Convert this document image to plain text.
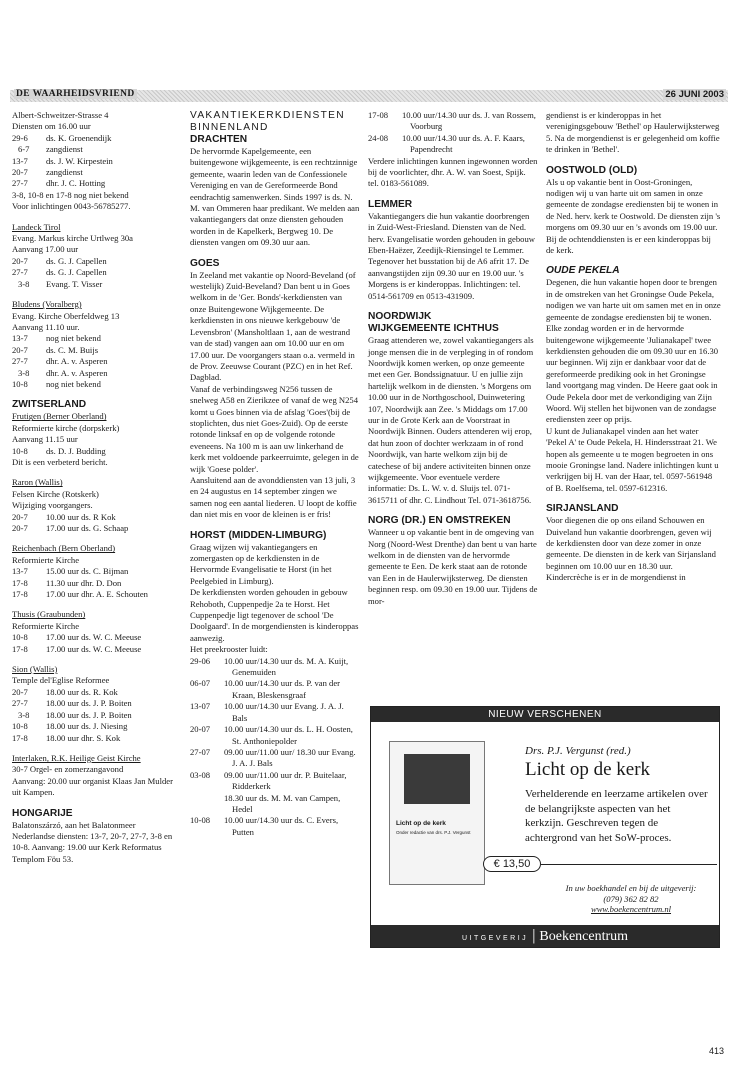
DE WAARHEIDSVRIEND	26 JUNI 2003
Albert-Schweitzer-Strasse 4
Diensten om 16.00 uur
29-6	ds. K. Groenendijk
6-7	zangdienst
13-7	ds. J. W. Kirpestein
20-7	zangdienst
27-7	dhr. J. C. Hotting
3-8, 10-8 en 17-8 nog niet bekend
Voor inlichtingen 0043-56785277.
Landeck Tirol
Evang. Markus kirche Urtlweg 30a
Aanvang 17.00 uur
20-7	ds. G. J. Capellen
27-7	ds. G. J. Capellen
3-8	Evang. T. Visser
Bludens (Voralberg)
Evang. Kirche Oberfeldweg 13
Aanvang 11.10 uur.
13-7	nog niet bekend
20-7	ds. C. M. Buijs
27-7	dhr. A. v. Asperen
3-8	dhr. A. v. Asperen
10-8	nog niet bekend
ZWITSERLAND
Frutigen (Berner Oberland)
Reformierte kirche (dorpskerk)
Aanvang 11.15 uur
10-8	ds. D. J. Budding
Dit is een verbeterd bericht.
Raron (Wallis)
Felsen Kirche (Rotskerk)
Wijziging voorgangers.
20-7	10.00 uur ds. R Kok
20-7	17.00 uur ds. G. Schaap
Reichenbach (Bern Oberland)
Reformierte Kirche
13-7	15.00 uur ds. C. Bijman
17-8	11.30 uur dhr. D. Don
17-8	17.00 uur dhr. A. E. Schouten
Thusis (Graubunden)
Reformierte Kirche
10-8	17.00 uur ds. W. C. Meeuse
17-8	17.00 uur ds. W. C. Meeuse
Sion (Wallis)
Temple del'Eglise Reformee
20-7	18.00 uur ds. R. Kok
27-7	18.00 uur ds. J. P. Boiten
3-8	18.00 uur ds. J. P. Boiten
10-8	18.00 uur ds. J. Niesing
17-8	18.00 uur dhr. S. Kok
Interlaken, R.K. Heilige Geist Kirche
30-7 Orgel- en zomerzangavond
Aanvang: 20.00 uur organist Klaas Jan Mulder uit Kampen.
HONGARIJE
Balatonszárzó, aan het Balatonmeer Nederlandse diensten: 13-7, 20-7, 27-7, 3-8 en 10-8. Aanvang: 19.00 uur Kerk Reformatus Templom Föu 53.
VAKANTIEKERKDIENSTEN
BINNENLAND
DRACHTEN
De hervormde Kapelgemeente, een buitengewone wijkgemeente, is een rechtzinnige gemeente, waarin leden van de Confessionele Vereniging en van de Gereformeerde Bond eendrachtig samenwerken. Sinds 1997 is ds. N. M. van Ommeren haar predikant. We melden aan vakantiegangers dat onze diensten gehouden worden in de Kapelkerk, Bergweg 10. De diensten vangen om 09.30 uur aan.
GOES
In Zeeland met vakantie op Noord-Beveland (of westelijk) Zuid-Beveland? Dan bent u in Goes welkom in de 'Ger. Bonds'-kerkdiensten van onze Buitengewone Wijkgemeente. De kerkdiensten in ons nieuwe kerkgebouw 'de Levensbron' (Mansholtlaan 1, aan de westrand van de stad) vangen aan om 10.00 uur en om 17.00 uur. De voorgangers staan o.a. vermeld in de Prov. Zeeuwse Courant (PZC) en in het Ref. Dagblad.
Vanaf de verbindingsweg N256 tussen de snelweg A58 en Zierikzee of vanaf de weg N254 komt u Goes binnen via de afslag 'Goes'(bij de stoplichten, dus niet Goes-Zuid). Op de eerste rotonde linksaf en op de volgende rotonde eveneens. Na 100 m is aan uw linkerhand de kerk met voldoende parkeerruimte, gelegen in de wijk 'Goese polder'.
Aansluitend aan de avonddiensten van 13 juli, 3 en 24 augustus en 14 september zingen we samen nog een aantal liederen. U loopt de koffie dan niet mis en voor de kleinen is er fris!
HORST (MIDDEN-LIMBURG)
Graag wijzen wij vakantiegangers en zomergasten op de kerkdiensten in de Hervormde Evangelisatie te Horst (in het Peelgebied in Limburg).
De kerkdiensten worden gehouden in gebouw Rehoboth, Cuppenpedje 2a te Horst. Het Cuppenpedje ligt tegenover de school 'De Doolgaard'. In de morgendiensten is kinderoppas aanwezig.
Het preekrooster luidt:
29-06	10.00 uur/14.30 uur ds. M. A. Kuijt, Genemuiden
06-07	10.00 uur/14.30 uur ds. P. van der Kraan, Bleskensgraaf
13-07	10.00 uur/14.30 uur Evang. J. A. J. Bals
20-07	10.00 uur/14.30 uur ds. L. H. Oosten, St. Anthoniepolder
27-07	09.00 uur/11.00 uur/ 18.30 uur Evang. J. A. J. Bals
03-08	09.00 uur/11.00 uur dr. P. Buitelaar, Ridderkerk
18.30 uur ds. M. M. van Campen, Hedel
10-08	10.00 uur/14.30 uur ds. C. Evers, Putten
17-08	10.00 uur/14.30 uur ds. J. van Rossem, Voorburg
24-08	10.00 uur/14.30 uur ds. A. F. Kaars, Papendrecht
Verdere inlichtingen kunnen ingewonnen worden bij de voorlichter, dhr. A. W. van Soest, Spijk. tel. 0183-561089.
LEMMER
Vakantiegangers die hun vakantie doorbrengen in Zuid-West-Friesland. Diensten van de Ned. herv. Evangelisatie worden gehouden in gebouw Eben-Haëzer, Zeedijk-Riensingel te Lemmer. Tegenover het busstation bij de A6 afrit 17. De aanvangstijden zijn 09.30 uur en 19.00 uur. 's Morgens is er kinderoppas. Inlichtingen: tel. 0514-561709 en 0513-431909.
NOORDWIJK
WIJKGEMEENTE ICHTHUS
Graag attenderen we, zowel vakantiegangers als jonge mensen die in de verpleging in of rondom Noordwijk komen werken, op onze gemeente met een Ger. Bondssignatuur. U en jullie zijn hartelijk welkom in de diensten. 's Morgens om 10.00 uur in de Northgoschool, Duinwetering 107, Noordwijk aan Zee. 's Middags om 17.00 uur in de Grote Kerk aan de Voorstraat in Noordwijk Binnen. Ouders attenderen wij erop, dat hun zoon of dochter werkzaam in of rond Noordwijk, van harte welkom zijn bij de catechese of bij andere activiteiten binnen onze wijkgemeente. Voor eventuele verdere informatie: Ds. L. W. v. d. Sluijs tel. 071-3615711 of dhr. C. Lindhout Tel. 071-3618756.
NORG (DR.) EN OMSTREKEN
Wanneer u op vakantie bent in de omgeving van Norg (Noord-West Drenthe) dan bent u van harte welkom in de diensten van de hervormde gemeente te Een. De kerk staat aan de rotonde van Een in de Haulerwijksterweg. De diensten beginnen resp. om 09.30 en 19.00 uur. Tijdens de mor-
gendienst is er kinderoppas in het verenigingsgebouw 'Bethel' op Haulerwijksterweg 5. Na de morgendienst is er gelegenheid om koffie te drinken in 'Bethel'.
OOSTWOLD (OLD)
Als u op vakantie bent in Oost-Groningen, nodigen wij u van harte uit om samen in onze gemeente de zondagse erediensten bij te wonen in de Ned. herv. kerk te Oostwold. De diensten zijn 's morgens om 09.30 uur en 's avonds om 19.00 uur. Bij de ochtenddiensten is er een kinderoppas bij de kerk.
OUDE PEKELA
Degenen, die hun vakantie hopen door te brengen in de omstreken van het Groningse Oude Pekela, nodigen we van harte uit om samen met en in onze gemeente de zondagse erediensten bij te wonen. Elke zondag worden er in de hervormde buitengewone wijkgemeente 'Julianakapel' twee kerkdiensten gehouden die om 09.30 uur en 16.30 uur beginnen. Wij zijn er dankbaar voor dat de gereformeerde prediking ook in het Groningse land voortgang mag vinden. De Heere gaat ook in Oude Pekela door met de verkondiging van Zijn Woord. Wij stellen het bijwonen van de zondagse erediensten zeer op prijs.
U kunt de Julianakapel vinden aan het water 'Pekel A' te Oude Pekela, H. Hindersstraat 21. We hopen als gemeente u te mogen begroeten in ons mooie Groningse land. Nadere inlichtingen kunt u verkrijgen bij H. van der Haar, tel. 0597-561948 of B. Roelfsema, tel. 0597-612316.
SIRJANSLAND
Voor diegenen die op ons eiland Schouwen en Duiveland hun vakantie doorbrengen, geven wij de kerkdiensten door van deze zomer in onze gemeente. De diensten in de kerk van Sirjansland beginnen om 10.00 uur en 18.30 uur.
Kindercrèche is er in de morgendienst in
NIEUW VERSCHENEN
Licht op de kerk
Onder redactie van drs. P.J. Vergunst
Drs. P.J. Vergunst (red.)
Licht op de kerk
Verhelderende en leerzame artikelen over de belangrijkste aspecten van het kerkzijn. Geschreven tegen de achtergrond van het SoW-proces.
€ 13,50
In uw boekhandel en bij de uitgeverij:
(079) 362 82 82
www.boekencentrum.nl
UITGEVERIJ | Boekencentrum
413
